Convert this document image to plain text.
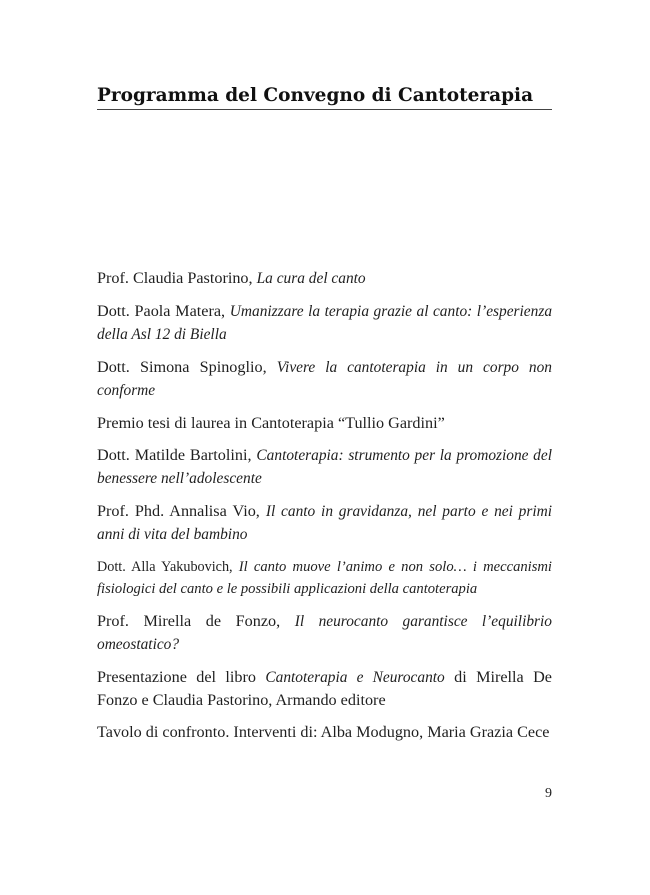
Programma del Convegno di Cantoterapia

Prof. Claudia Pastorino, La cura del canto

Dott. Paola Matera, Umanizzare la terapia grazie al canto: l’esperienza della Asl 12 di Biella

Dott. Simona Spinoglio, Vivere la cantoterapia in un corpo non conforme

Premio tesi di laurea in Cantoterapia “Tullio Gardini”

Dott. Matilde Bartolini, Cantoterapia: strumento per la promozione del benessere nell’adolescente

Prof. Phd. Annalisa Vio, Il canto in gravidanza, nel parto e nei primi anni di vita del bambino

Dott. Alla Yakubovich, Il canto muove l’animo e non solo… i meccanismi fisiologici del canto e le possibili applicazioni della cantoterapia

Prof. Mirella de Fonzo, Il neurocanto garantisce l’equilibrio omeostatico?

Presentazione del libro Cantoterapia e Neurocanto di Mirella De Fonzo e Claudia Pastorino, Armando editore

Tavolo di confronto. Interventi di: Alba Modugno, Maria Grazia Cece

9
